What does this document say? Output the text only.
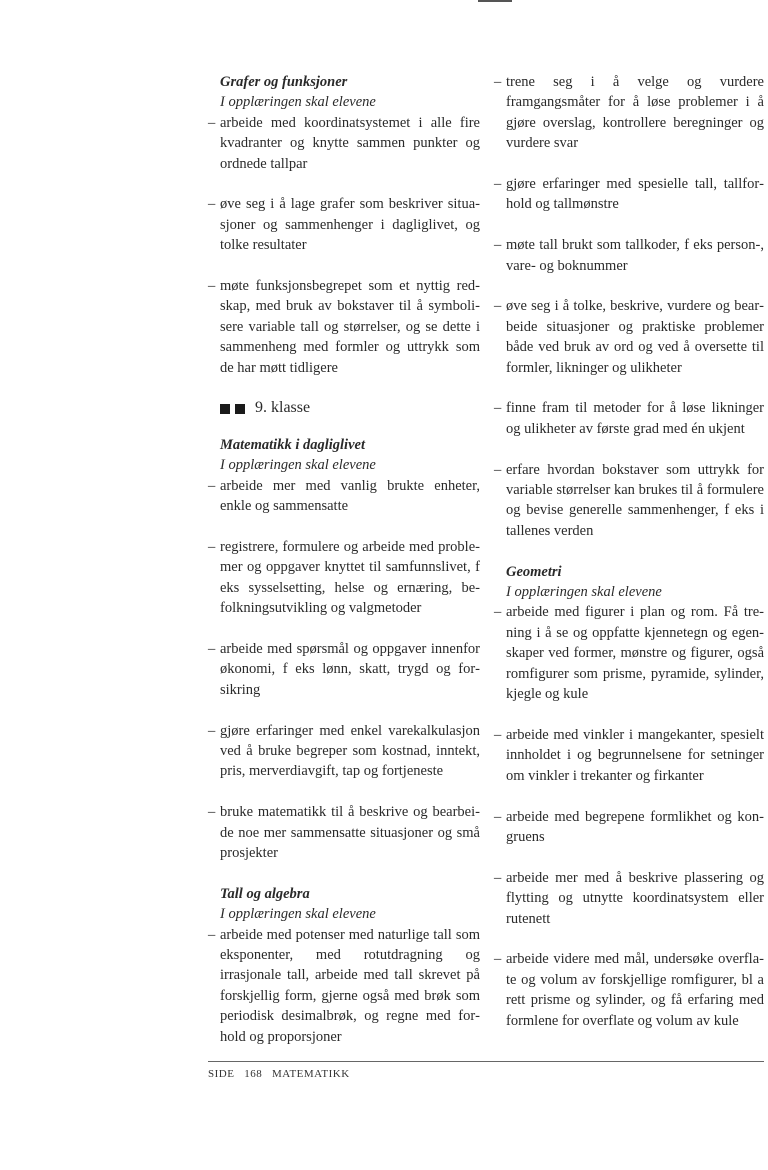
Grafer og funksjoner

I opplæringen skal elevene

– arbeide med koordinatsystemet i alle fire kvadranter og knytte sammen punkter og ordnede tallpar

– øve seg i å lage grafer som beskriver situasjoner og sammenhenger i dagliglivet, og tolke resultater

– møte funksjonsbegrepet som et nyttig redskap, med bruk av bokstaver til å symbolisere variable tall og størrelser, og se dette i sammenheng med formler og uttrykk som de har møtt tidligere

9. klasse

Matematikk i dagliglivet

I opplæringen skal elevene

– arbeide mer med vanlig brukte enheter, enkle og sammensatte

– registrere, formulere og arbeide med problemer og oppgaver knyttet til samfunnslivet, f eks sysselsetting, helse og ernæring, befolkningsutvikling og valgmetoder

– arbeide med spørsmål og oppgaver innenfor økonomi, f eks lønn, skatt, trygd og forsikring

– gjøre erfaringer med enkel varekalkulasjon ved å bruke begreper som kostnad, inntekt, pris, merverdiavgift, tap og fortjeneste

– bruke matematikk til å beskrive og bearbeide noe mer sammensatte situasjoner og små prosjekter

Tall og algebra

I opplæringen skal elevene

– arbeide med potenser med naturlige tall som eksponenter, med rotutdragning og irrasjonale tall, arbeide med tall skrevet på forskjellig form, gjerne også med brøk som periodisk desimalbrøk, og regne med forhold og proporsjoner

– trene seg i å velge og vurdere framgangsmåter for å løse problemer i å gjøre overslag, kontrollere beregninger og vurdere svar

– gjøre erfaringer med spesielle tall, tallforhold og tallmønstre

– møte tall brukt som tallkoder, f eks person-, vare- og boknummer

– øve seg i å tolke, beskrive, vurdere og bearbeide situasjoner og praktiske problemer både ved bruk av ord og ved å oversette til formler, likninger og ulikheter

– finne fram til metoder for å løse likninger og ulikheter av første grad med én ukjent

– erfare hvordan bokstaver som uttrykk for variable størrelser kan brukes til å formulere og bevise generelle sammenhenger, f eks i tallenes verden

Geometri

I opplæringen skal elevene

– arbeide med figurer i plan og rom. Få trening i å se og oppfatte kjennetegn og egenskaper ved former, mønstre og figurer, også romfigurer som prisme, pyramide, sylinder, kjegle og kule

– arbeide med vinkler i mangekanter, spesielt innholdet i og begrunnelsene for setninger om vinkler i trekanter og firkanter

– arbeide med begrepene formlikhet og kongruens

– arbeide mer med å beskrive plassering og flytting og utnytte koordinatsystem eller rutenett

– arbeide videre med mål, undersøke overflate og volum av forskjellige romfigurer, bl a rett prisme og sylinder, og få erfaring med formlene for overflate og volum av kule

SIDE   168   MATEMATIKK
